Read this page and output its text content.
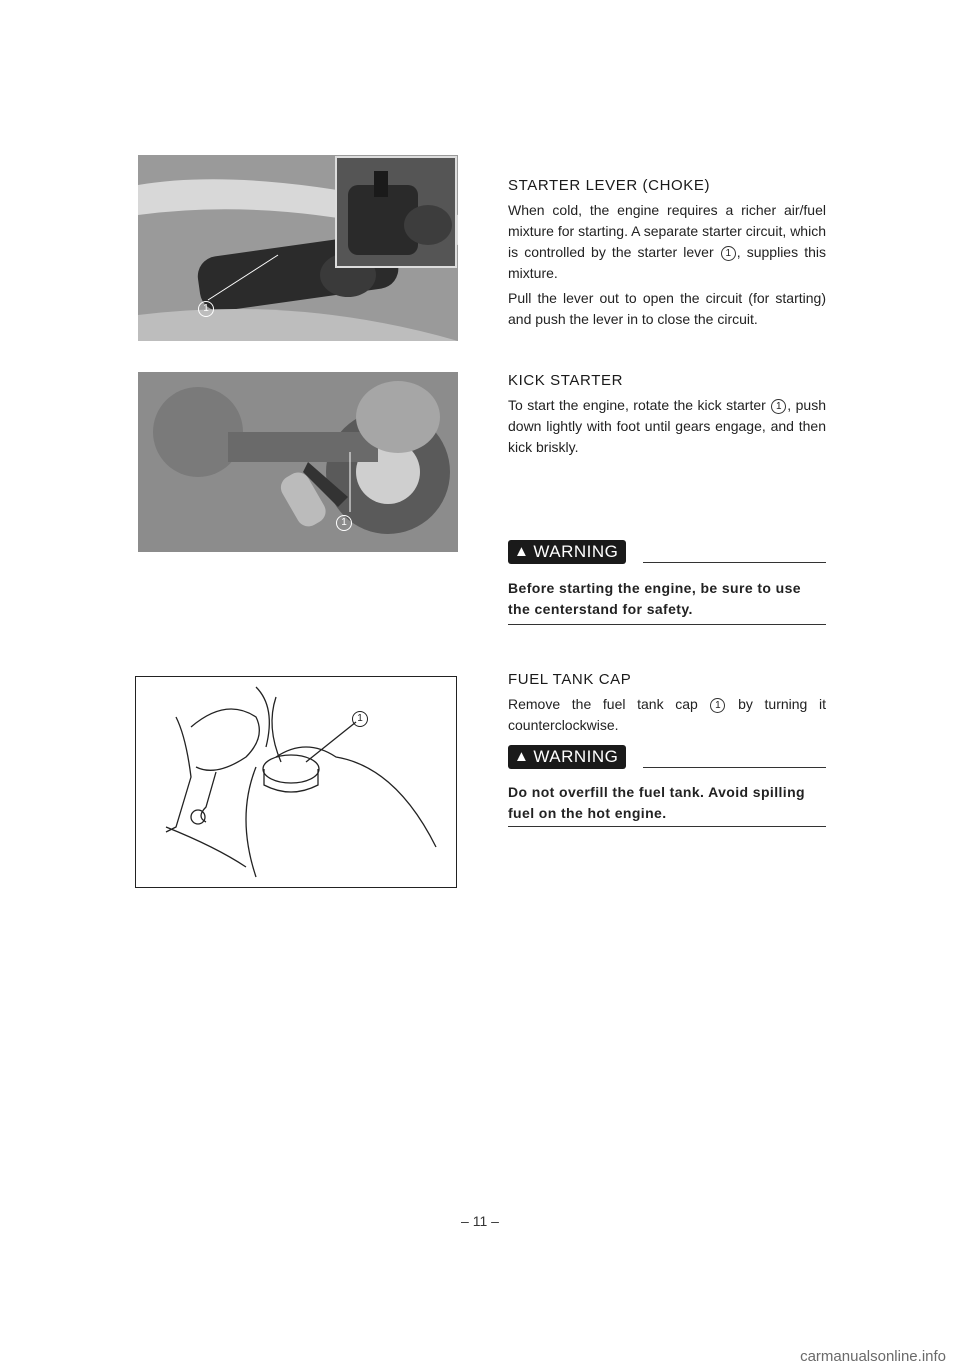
1
STARTER LEVER (CHOKE)

When cold, the engine requires a richer air/fuel mixture for starting. A separate starter circuit, which is controlled by the starter lever 1 , supplies this mixture.

Pull the lever out to open the circuit (for starting) and push the lever in to close the circuit.

1
KICK STARTER

To start the engine, rotate the kick starter 1 , push down lightly with foot until gears engage, and then kick briskly.

▲ WARNING

Before starting the engine, be sure to use the centerstand for safety.

1
FUEL TANK CAP

Remove the fuel tank cap 1 by turning it counterclockwise.

▲ WARNING

Do not overfill the fuel tank. Avoid spilling fuel on the hot engine.

– 11 –
carmanualsonline.info
